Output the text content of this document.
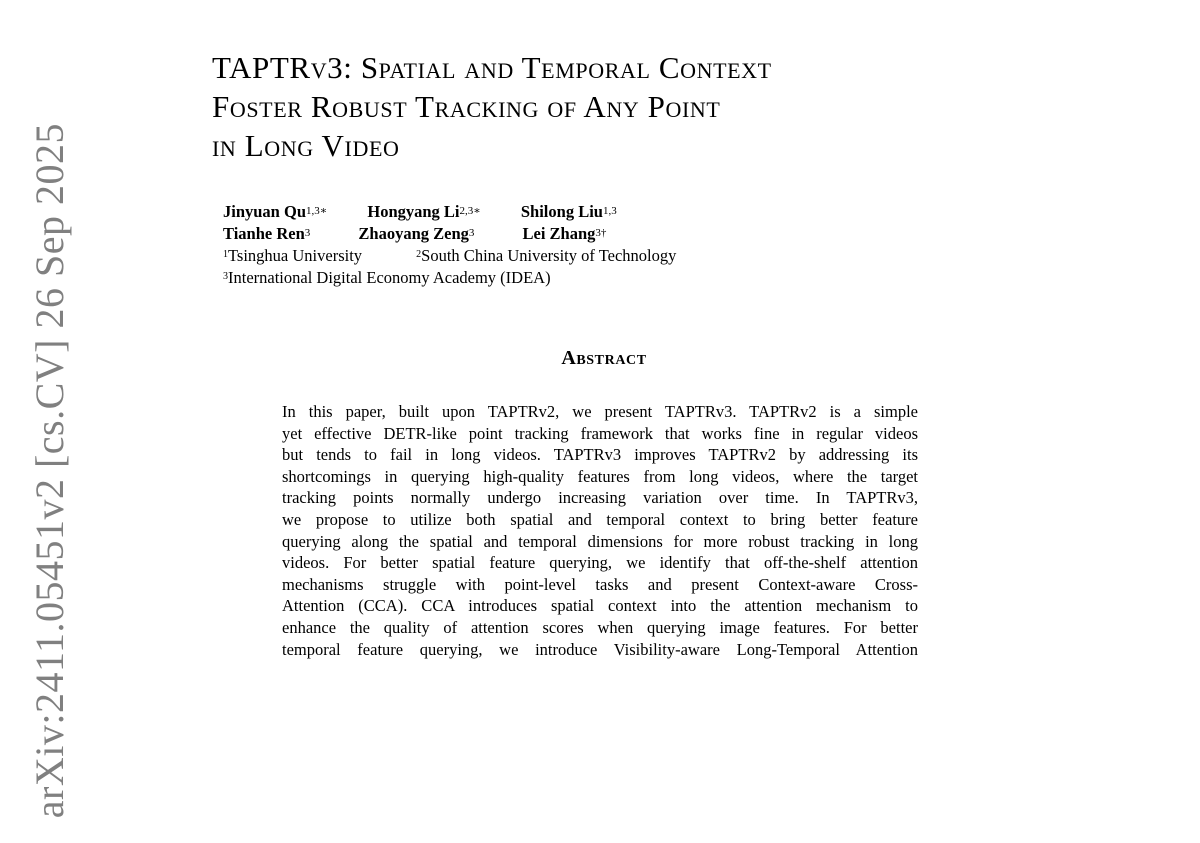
arXiv:2411.05451v2 [cs.CV] 26 Sep 2025
TAPTRv3: Spatial and Temporal Context
Foster Robust Tracking of Any Point
in Long Video
Jinyuan $Qu^{1,3∗}$ Hongyang $Li^{2,3∗}$ Shilong Liu$^{1,3}$
Tianhe Ren$^3$	Zhaoyang Zeng$^3$	Lei Zhang$^{3\dagger}$
$^1$Tsinghua University	$^2$South China University of Technology
$^3$International Digital Economy Academy (IDEA)
Abstract
In this paper, built upon TAPTRv2, we present TAPTRv3. TAPTRv2 is a simple
yet effective DETR-like point tracking framework that works fine in regular videos
but tends to fail in long videos. TAPTRv3 improves TAPTRv2 by addressing its
shortcomings in querying high-quality features from long videos, where the target
tracking points normally undergo increasing variation over time. In TAPTRv3,
we propose to utilize both spatial and temporal context to bring better feature
querying along the spatial and temporal dimensions for more robust tracking in long
videos. For better spatial feature querying, we identify that off-the-shelf attention
mechanisms struggle with point-level tasks and present Context-aware Cross-
Attention (CCA). CCA introduces spatial context into the attention mechanism to
enhance the quality of attention scores when querying image features. For better
temporal feature querying, we introduce Visibility-aware Long-Temporal Attention
